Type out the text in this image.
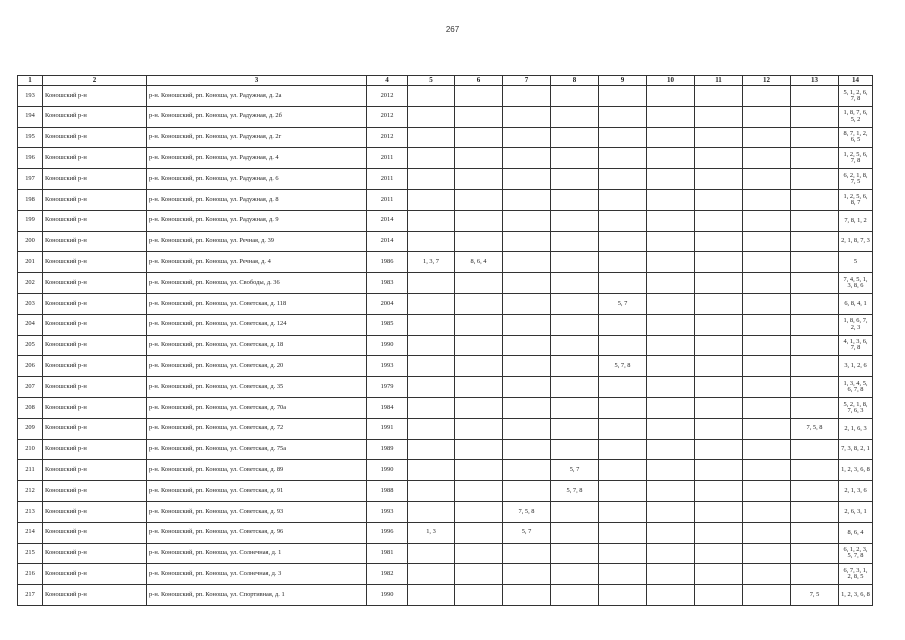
267
1	2	3	4	5	6	7	8	9	10	11	12	13	14
193	Коношский р-н	р-н. Коношский, рп. Коноша, ул. Радужная, д. 2а	2012										5, 1, 2, 6, 7, 8
194	Коношский р-н	р-н. Коношский, рп. Коноша, ул. Радужная, д. 2б	2012										1, 8, 7, 6, 5, 2
195	Коношский р-н	р-н. Коношский, рп. Коноша, ул. Радужная, д. 2г	2012										8, 7, 1, 2, 6, 5
196	Коношский р-н	р-н. Коношский, рп. Коноша, ул. Радужная, д. 4	2011										1, 2, 5, 6, 7, 8
197	Коношский р-н	р-н. Коношский, рп. Коноша, ул. Радужная, д. 6	2011										6, 2, 1, 8, 7, 5
198	Коношский р-н	р-н. Коношский, рп. Коноша, ул. Радужная, д. 8	2011										1, 2, 5, 6, 8, 7
199	Коношский р-н	р-н. Коношский, рп. Коноша, ул. Радужная, д. 9	2014										7, 8, 1, 2
200	Коношский р-н	р-н. Коношский, рп. Коноша, ул. Речная, д. 39	2014										2, 1, 8, 7, 3
201	Коношский р-н	р-н. Коношский, рп. Коноша, ул. Речная, д. 4	1986	1, 3, 7	8, 6, 4								5
202	Коношский р-н	р-н. Коношский, рп. Коноша, ул. Свободы, д. 36	1983										7, 4, 5, 1, 3, 8, 6
203	Коношский р-н	р-н. Коношский, рп. Коноша, ул. Советская, д. 118	2004					5, 7					6, 8, 4, 1
204	Коношский р-н	р-н. Коношский, рп. Коноша, ул. Советская, д. 124	1985										1, 8, 6, 7, 2, 3
205	Коношский р-н	р-н. Коношский, рп. Коноша, ул. Советская, д. 18	1990										4, 1, 3, 6, 7, 8
206	Коношский р-н	р-н. Коношский, рп. Коноша, ул. Советская, д. 20	1993					5, 7, 8					3, 1, 2, 6
207	Коношский р-н	р-н. Коношский, рп. Коноша, ул. Советская, д. 35	1979										1, 3, 4, 5, 6, 7, 8
208	Коношский р-н	р-н. Коношский, рп. Коноша, ул. Советская, д. 70а	1984										5, 2, 1, 8, 7, 6, 3
209	Коношский р-н	р-н. Коношский, рп. Коноша, ул. Советская, д. 72	1991									7, 5, 8	2, 1, 6, 3
210	Коношский р-н	р-н. Коношский, рп. Коноша, ул. Советская, д. 75а	1989										7, 3, 8, 2, 1
211	Коношский р-н	р-н. Коношский, рп. Коноша, ул. Советская, д. 89	1990				5, 7						1, 2, 3, 6, 8
212	Коношский р-н	р-н. Коношский, рп. Коноша, ул. Советская, д. 91	1988				5, 7, 8						2, 1, 3, 6
213	Коношский р-н	р-н. Коношский, рп. Коноша, ул. Советская, д. 93	1993			7, 5, 8							2, 6, 3, 1
214	Коношский р-н	р-н. Коношский, рп. Коноша, ул. Советская, д. 96	1996	1, 3		5, 7							8, 6, 4
215	Коношский р-н	р-н. Коношский, рп. Коноша, ул. Солнечная, д. 1	1981										6, 1, 2, 3, 5, 7, 8
216	Коношский р-н	р-н. Коношский, рп. Коноша, ул. Солнечная, д. 3	1982										6, 7, 3, 1, 2, 8, 5
217	Коношский р-н	р-н. Коношский, рп. Коноша, ул. Спортивная, д. 1	1990									7, 5	1, 2, 3, 6, 8
